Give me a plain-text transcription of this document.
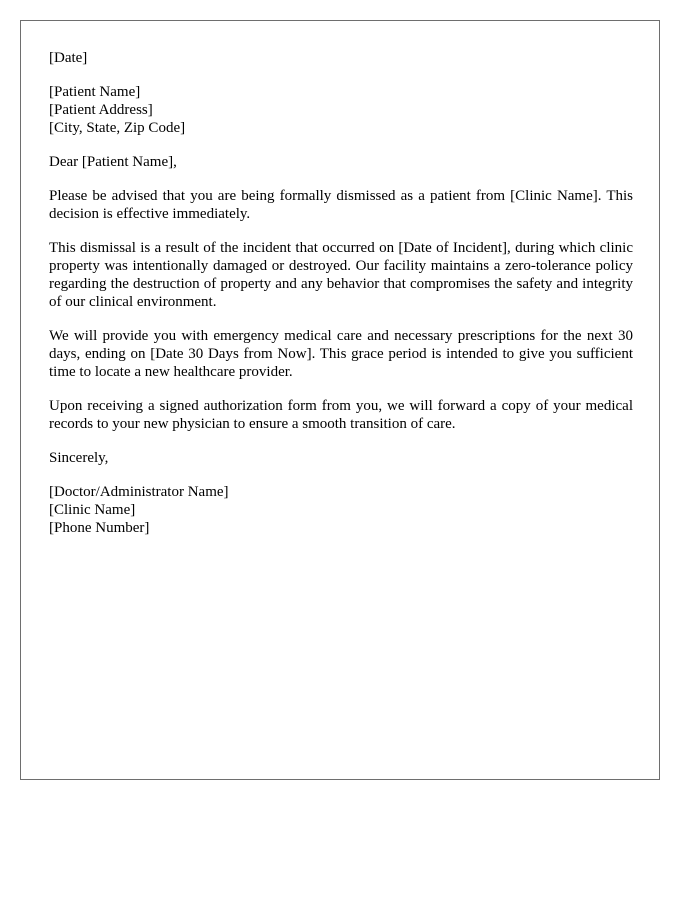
[Date]
[Patient Name]
[Patient Address]
[City, State, Zip Code]
Dear [Patient Name],

Please be advised that you are being formally dismissed as a patient from [Clinic Name]. This decision is effective immediately.

This dismissal is a result of the incident that occurred on [Date of Incident], during which clinic property was intentionally damaged or destroyed. Our facility maintains a zero-tolerance policy regarding the destruction of property and any behavior that compromises the safety and integrity of our clinical environment.

We will provide you with emergency medical care and necessary prescriptions for the next 30 days, ending on [Date 30 Days from Now]. This grace period is intended to give you sufficient time to locate a new healthcare provider.

Upon receiving a signed authorization form from you, we will forward a copy of your medical records to your new physician to ensure a smooth transition of care.

Sincerely,
[Doctor/Administrator Name]
[Clinic Name]
[Phone Number]
